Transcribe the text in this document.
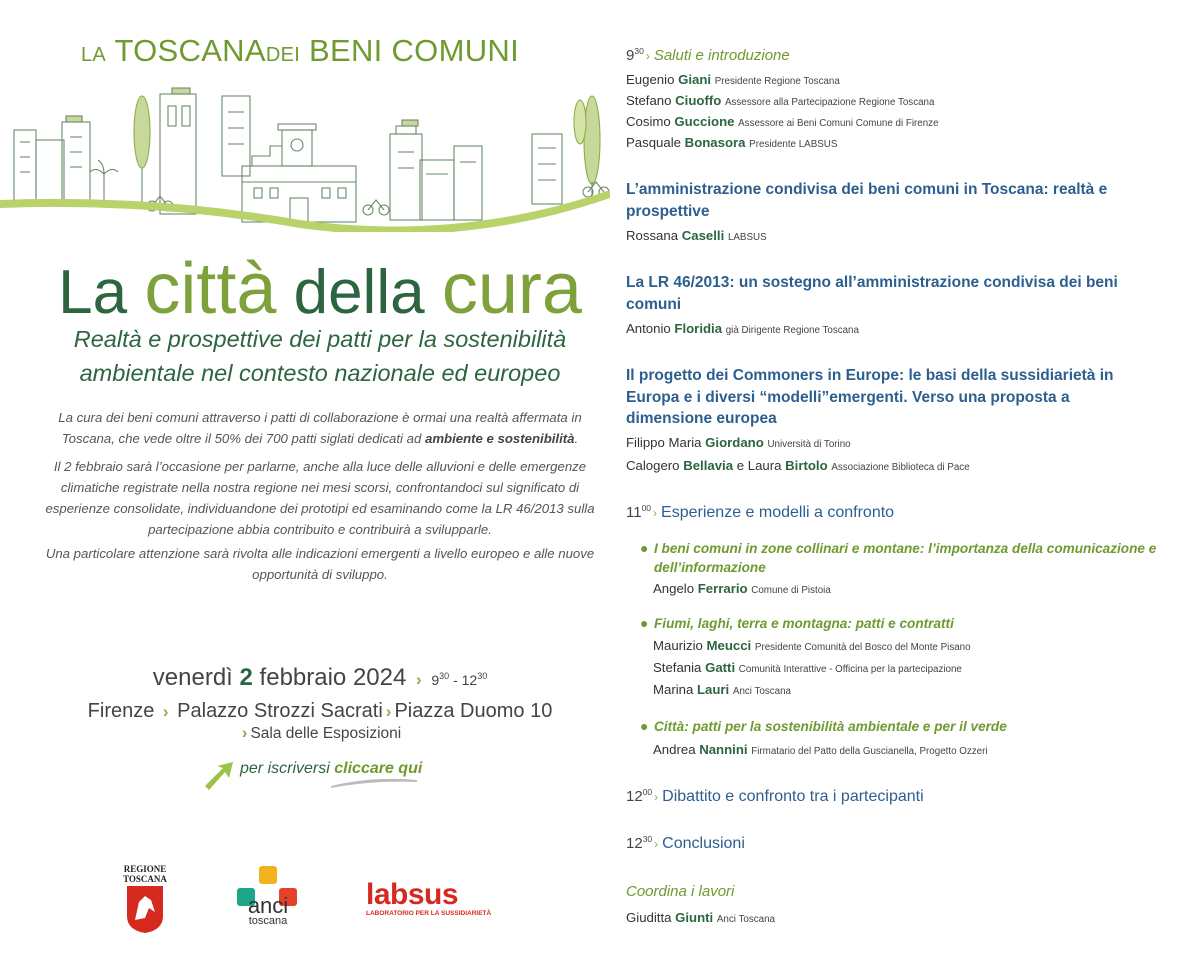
LA TOSCANADEI BENI COMUNI
La città della cura
Realtà e prospettive dei patti per la sostenibilità
ambientale nel contesto nazionale ed europeo
La cura dei beni comuni attraverso i patti di collaborazione è ormai una realtà affermata in Toscana, che vede oltre il 50% dei 700 patti siglati dedicati ad ambiente e sostenibilità.
Il 2 febbraio sarà l’occasione per parlarne, anche alla luce delle alluvioni e delle emergenze climatiche registrate nella nostra regione nei mesi scorsi, confrontandoci sul significato di esperienze consolidate, individuandone dei prototipi ed esaminando come la LR 46/2013 sulla partecipazione abbia contribuito e contribuirà a svilupparle.
Una particolare attenzione sarà rivolta alle indicazioni emergenti a livello europeo e alle nuove opportunità di sviluppo.
venerdì 2 febbraio 2024 › $9^{30} - 12^{30}$
Firenze › Palazzo Strozzi Sacrati › Piazza Duomo 10
› Sala delle Esposizioni
per iscriversi cliccare qui
REGIONE
TOSCANA
anci
toscana
labsus
LABORATORIO PER LA SUSSIDIARIETÀ
$9^{30}$ › Saluti e introduzione
Eugenio Giani Presidente Regione Toscana
Stefano Ciuoffo Assessore alla Partecipazione Regione Toscana
Cosimo Guccione Assessore ai Beni Comuni Comune di Firenze
Pasquale Bonasora Presidente LABSUS
L’amministrazione condivisa dei beni comuni in Toscana: realtà e prospettive
Rossana Caselli LABSUS
La LR 46/2013: un sostegno all’amministrazione condivisa dei beni comuni
Antonio Floridia già Dirigente Regione Toscana
Il progetto dei Commoners in Europe: le basi della sussidiarietà in Europa e i diversi “modelli”emergenti. Verso una proposta a dimensione europea
Filippo Maria Giordano Università di Torino
Calogero Bellavia e Laura Birtolo Associazione Biblioteca di Pace
$11^{00}$ › Esperienze e modelli a confronto
● I beni comuni in zone collinari e montane: l’importanza della comunicazione e dell’informazione
Angelo Ferrario Comune di Pistoia
● Fiumi, laghi, terra e montagna: patti e contratti
Maurizio Meucci Presidente Comunità del Bosco del Monte Pisano
Stefania Gatti Comunità Interattive - Officina per la partecipazione
Marina Lauri Anci Toscana
● Città: patti per la sostenibilità ambientale e per il verde
Andrea Nannini Firmatario del Patto della Guscianella, Progetto Ozzeri
$12^{00}$ › Dibattito e confronto tra i partecipanti
$12^{30}$ › Conclusioni
Coordina i lavori
Giuditta Giunti Anci Toscana
